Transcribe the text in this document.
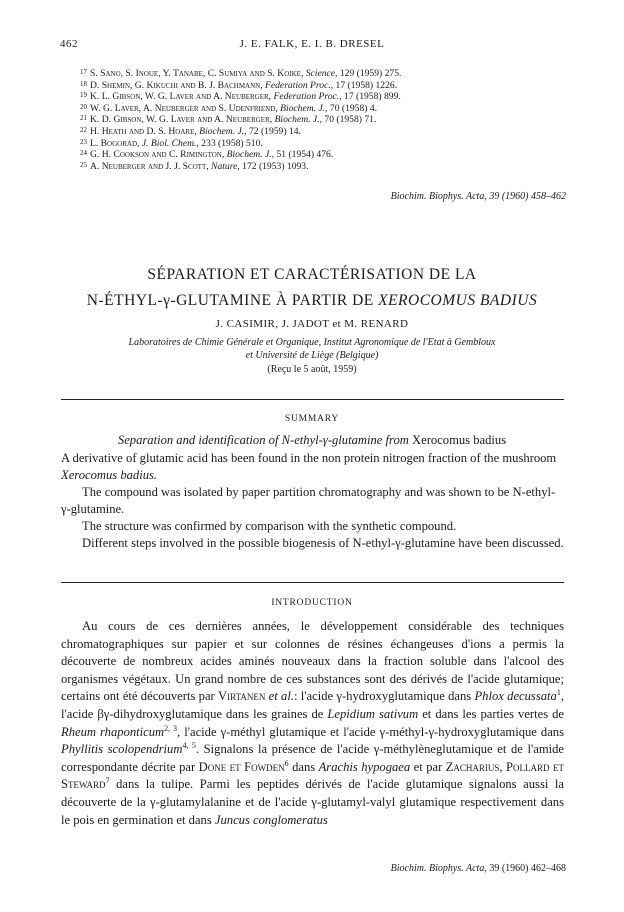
462	J. E. FALK, E. I. B. DRESEL
$^{17}$ S. Sano, S. Inoue, Y. Tanabe, C. Sumiya and S. Koike, Science, 129 (1959) 275.
$^{18}$ D. Shemin, G. Kikuchi and B. J. Bachmann, Federation Proc., 17 (1958) 1226.
$^{19}$ K. L. Gibson, W. G. Laver and A. Neuberger, Federation Proc., 17 (1958) 899.
$^{20}$ W. G. Laver, A. Neuberger and S. Udenfriend, Biochem. J., 70 (1958) 4.
$^{21}$ K. D. Gibson, W. G. Laver and A. Neuberger, Biochem. J., 70 (1958) 71.
$^{22}$ H. Heath and D. S. Hoare, Biochem. J., 72 (1959) 14.
$^{23}$ L. Bogorad, J. Biol. Chem., 233 (1958) 510.
$^{24}$ G. H. Cookson and C. Rimington, Biochem. J., 51 (1954) 476.
$^{25}$ A. Neuberger and J. J. Scott, Nature, 172 (1953) 1093.
Biochim. Biophys. Acta, 39 (1960) 458–462
SÉPARATION ET CARACTÉRISATION DE LA
N-ÉTHYL-γ-GLUTAMINE À PARTIR DE XEROCOMUS BADIUS
J. CASIMIR, J. JADOT et M. RENARD
Laboratoires de Chimie Générale et Organique, Institut Agronomique de l'Etat à Gembloux
et Université de Liège (Belgique)
(Reçu le 5 août, 1959)
SUMMARY
Separation and identification of N-ethyl-γ-glutamine from Xerocomus badius

A derivative of glutamic acid has been found in the non protein nitrogen fraction of the mushroom Xerocomus badius.

The compound was isolated by paper partition chromatography and was shown to be N-ethyl-γ-glutamine.

The structure was confirmed by comparison with the synthetic compound.

Different steps involved in the possible biogenesis of N-ethyl-γ-glutamine have been discussed.

INTRODUCTION
Au cours de ces dernières années, le développement considérable des techniques chromatographiques sur papier et sur colonnes de résines échangeuses d'ions a permis la découverte de nombreux acides aminés nouveaux dans la fraction soluble dans l'alcool des organismes végétaux. Un grand nombre de ces substances sont des dérivés de l'acide glutamique; certains ont été découverts par Virtanen et al.: l'acide γ-hydroxyglutamique dans Phlox decussata$^1$, l'acide βγ-dihydroxyglutamique dans les graines de Lepidium sativum et dans les parties vertes de Rheum rhaponticum$^{2, 3}$, l'acide γ-méthyl glutamique et l'acide γ-méthyl-γ-hydroxyglutamique dans Phyllitis scolopendrium$^{4, 5}$. Signalons la présence de l'acide γ-méthylèneglutamique et de l'amide correspondante décrite par Done et Fowden$^6$ dans Arachis hypogaea et par Zacharius, Pollard et Steward$^7$ dans la tulipe. Parmi les peptides dérivés de l'acide glutamique signalons aussi la découverte de la γ-glutamylalanine et de l'acide γ-glutamyl-valyl glutamique respectivement dans le pois en germination et dans Juncus conglomeratus
Biochim. Biophys. Acta, 39 (1960) 462–468
